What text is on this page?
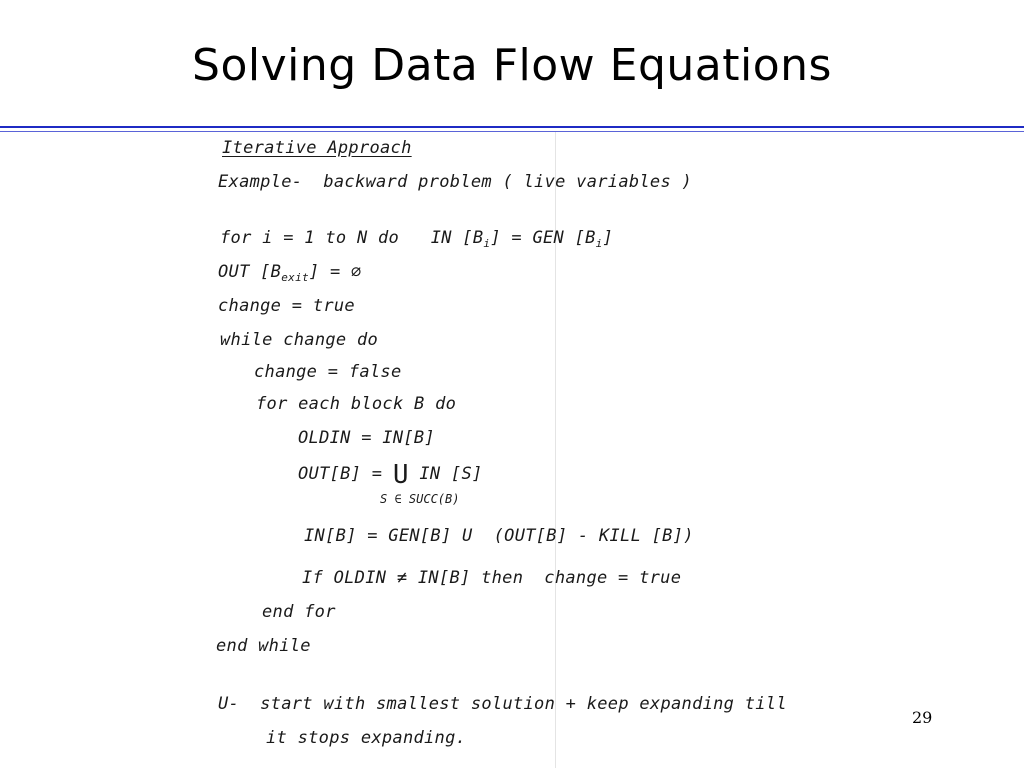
Solving Data Flow Equations
Iterative Approach
Example-  backward problem ( live variables )
for i = 1 to N do   IN $[B_i]$ = GEN $[B_i]$
OUT $[B_{exit}]$ = ∅
change = true
while change do
change = false
for each block B do
OLDIN = IN[B]
OUT[B] = U IN [S]
S ∈ SUCC(B)
IN[B] = GEN[B] U  (OUT[B] - KILL [B])
If OLDIN ≠ IN[B] then  change = true
end for
end while
U-  start with smallest solution + keep expanding till
it stops expanding.
29
